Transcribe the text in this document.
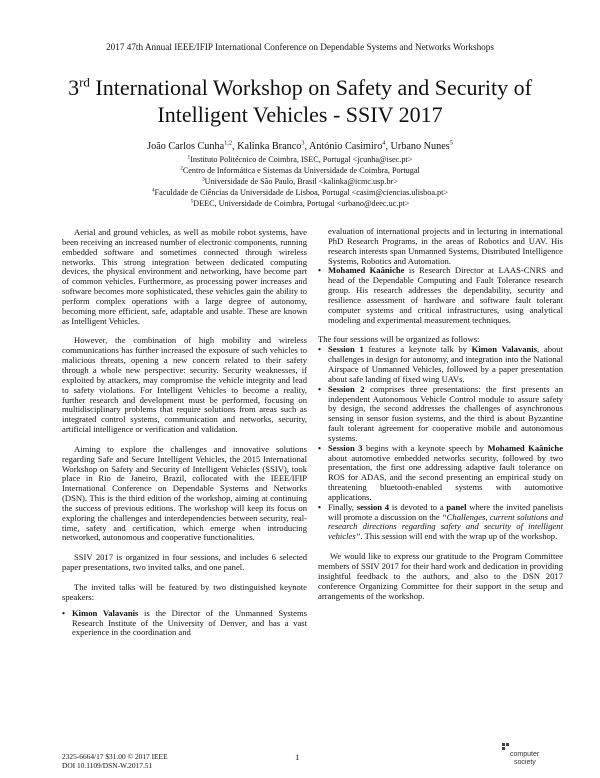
2017 47th Annual IEEE/IFIP International Conference on Dependable Systems and Networks Workshops
3rd International Workshop on Safety and Security of
Intelligent Vehicles - SSIV 2017
João Carlos Cunha$^{1,2}$, Kalinka Branco$^3$, António Casimiro$^4$, Urbano Nunes$^5$
$^1$Instituto Politécnico de Coimbra, ISEC, Portugal <jcunha@isec.pt>
$^2$Centro de Informática e Sistemas da Universidade de Coimbra, Portugal
$^3$Universidade de São Paulo, Brasil <kalinka@icmc.usp.br>
$^4$Faculdade de Ciências da Universidade de Lisboa, Portugal <casim@ciencias.ulisboa.pt>
$^5$DEEC, Universidade de Coimbra, Portugal <urbano@deec.uc.pt>

Aerial and ground vehicles, as well as mobile robot systems, have been receiving an increased number of electronic components, running embedded software and sometimes connected through wireless networks. This strong integration between dedicated computing devices, the physical environment and networking, have become part of common vehicles. Furthermore, as processing power increases and software becomes more sophisticated, these vehicles gain the ability to perform complex operations with a large degree of autonomy, becoming more efficient, safe, adaptable and usable. These are known as Intelligent Vehicles.

However, the combination of high mobility and wireless communications has further increased the exposure of such vehicles to malicious threats, opening a new concern related to their safety through a whole new perspective: security. Security weaknesses, if exploited by attackers, may compromise the vehicle integrity and lead to safety violations. For Intelligent Vehicles to become a reality, further research and development must be performed, focusing on multidisciplinary problems that require solutions from areas such as integrated control systems, communication and networks, security, artificial intelligence or verification and validation.

Aiming to explore the challenges and innovative solutions regarding Safe and Secure Intelligent Vehicles, the 2015 International Workshop on Safety and Security of Intelligent Vehicles (SSIV), took place in Rio de Janeiro, Brazil, collocated with the IEEE/IFIP International Conference on Dependable Systems and Networks (DSN). This is the third edition of the workshop, aiming at continuing the success of previous editions. The workshop will keep its focus on exploring the challenges and interdependencies between security, real-time, safety and certification, which emerge when introducing networked, autonomous and cooperative functionalities.

SSIV 2017 is organized in four sessions, and includes 6 selected paper presentations, two invited talks, and one panel.

The invited talks will be featured by two distinguished keynote speakers:

• Kimon Valavanis is the Director of the Unmanned Systems Research Institute of the University of Denver, and has a vast experience in the coordination and

evaluation of international projects and in lecturing in international PhD Research Programs, in the areas of Robotics and UAV. His research interests span Unmanned Systems, Distributed Intelligence Systems, Robotics and Automation.

• Mohamed Kaâniche is Research Director at LAAS-CNRS and head of the Dependable Computing and Fault Tolerance research group. His research addresses the dependability, security and resilience assessment of hardware and software fault tolerant computer systems and critical infrastructures, using analytical modeling and experimental measurement techniques.

The four sessions will be organized as follows:

• Session 1 features a keynote talk by Kimon Valavanis, about challenges in design for autonomy, and integration into the National Airspace of Unmanned Vehicles, followed by a paper presentation about safe landing of fixed wing UAVs.

• Session 2 comprises three presentations: the first presents an independent Autonomous Vehicle Control module to assure safety by design, the second addresses the challenges of asynchronous sensing in sensor fusion systems, and the third is about Byzantine fault tolerant agreement for cooperative mobile and autonomous systems.

• Session 3 begins with a keynote speech by Mohamed Kaâniche about automotive embedded networks security, followed by two presentation, the first one addressing adaptive fault tolerance on ROS for ADAS, and the second presenting an empirical study on threatening bluetooth-enabled systems with automotive applications.

• Finally, session 4 is devoted to a panel where the invited panelists will promote a discussion on the “Challenges, current solutions and research directions regarding safety and security of intelligent vehicles”. This session will end with the wrap up of the workshop.

We would like to express our gratitude to the Program Committee members of SSIV 2017 for their hard work and dedication in providing insightful feedback to the authors, and also to the DSN 2017 conference Organizing Committee for their support in the setup and arrangements of the workshop.

2325-6664/17 $31.00 © 2017 IEEE
DOI 10.1109/DSN-W.2017.51
1	computer
society
